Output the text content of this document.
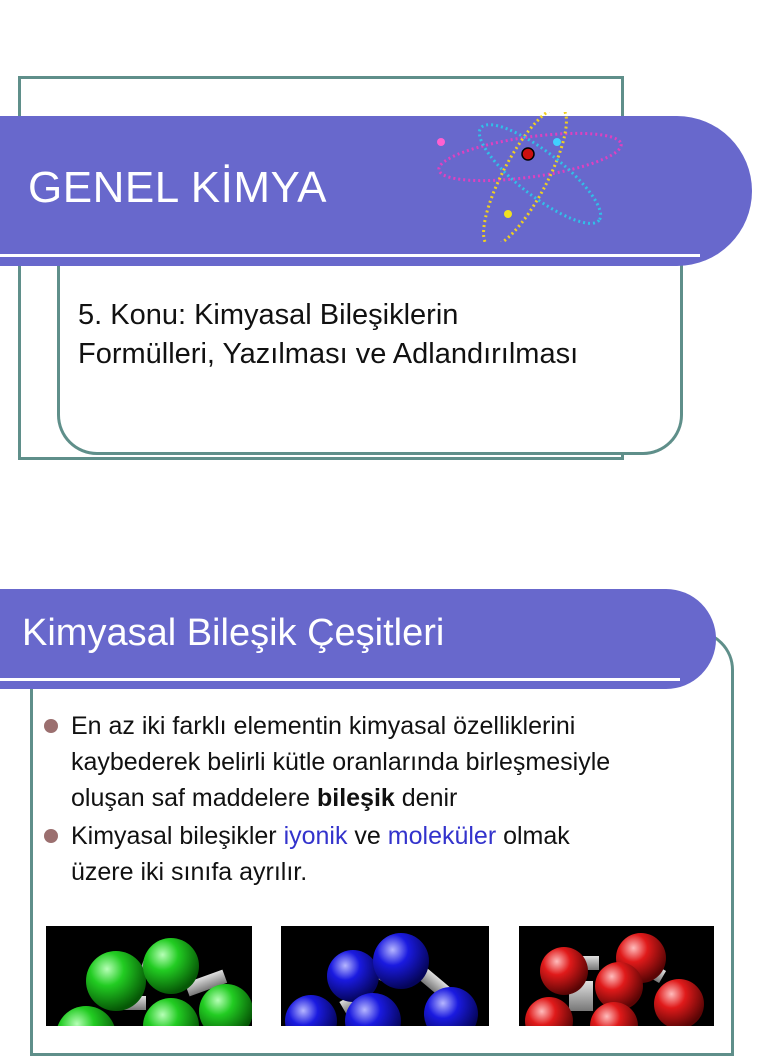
GENEL KİMYA
5. Konu: Kimyasal Bileşiklerin
Formülleri, Yazılması ve Adlandırılması
Kimyasal Bileşik Çeşitleri
En az iki farklı elementin kimyasal özelliklerini
kaybederek belirli kütle oranlarında birleşmesiyle
oluşan saf maddelere bileşik denir
Kimyasal bileşikler iyonik ve moleküler olmak
üzere iki sınıfa ayrılır.
